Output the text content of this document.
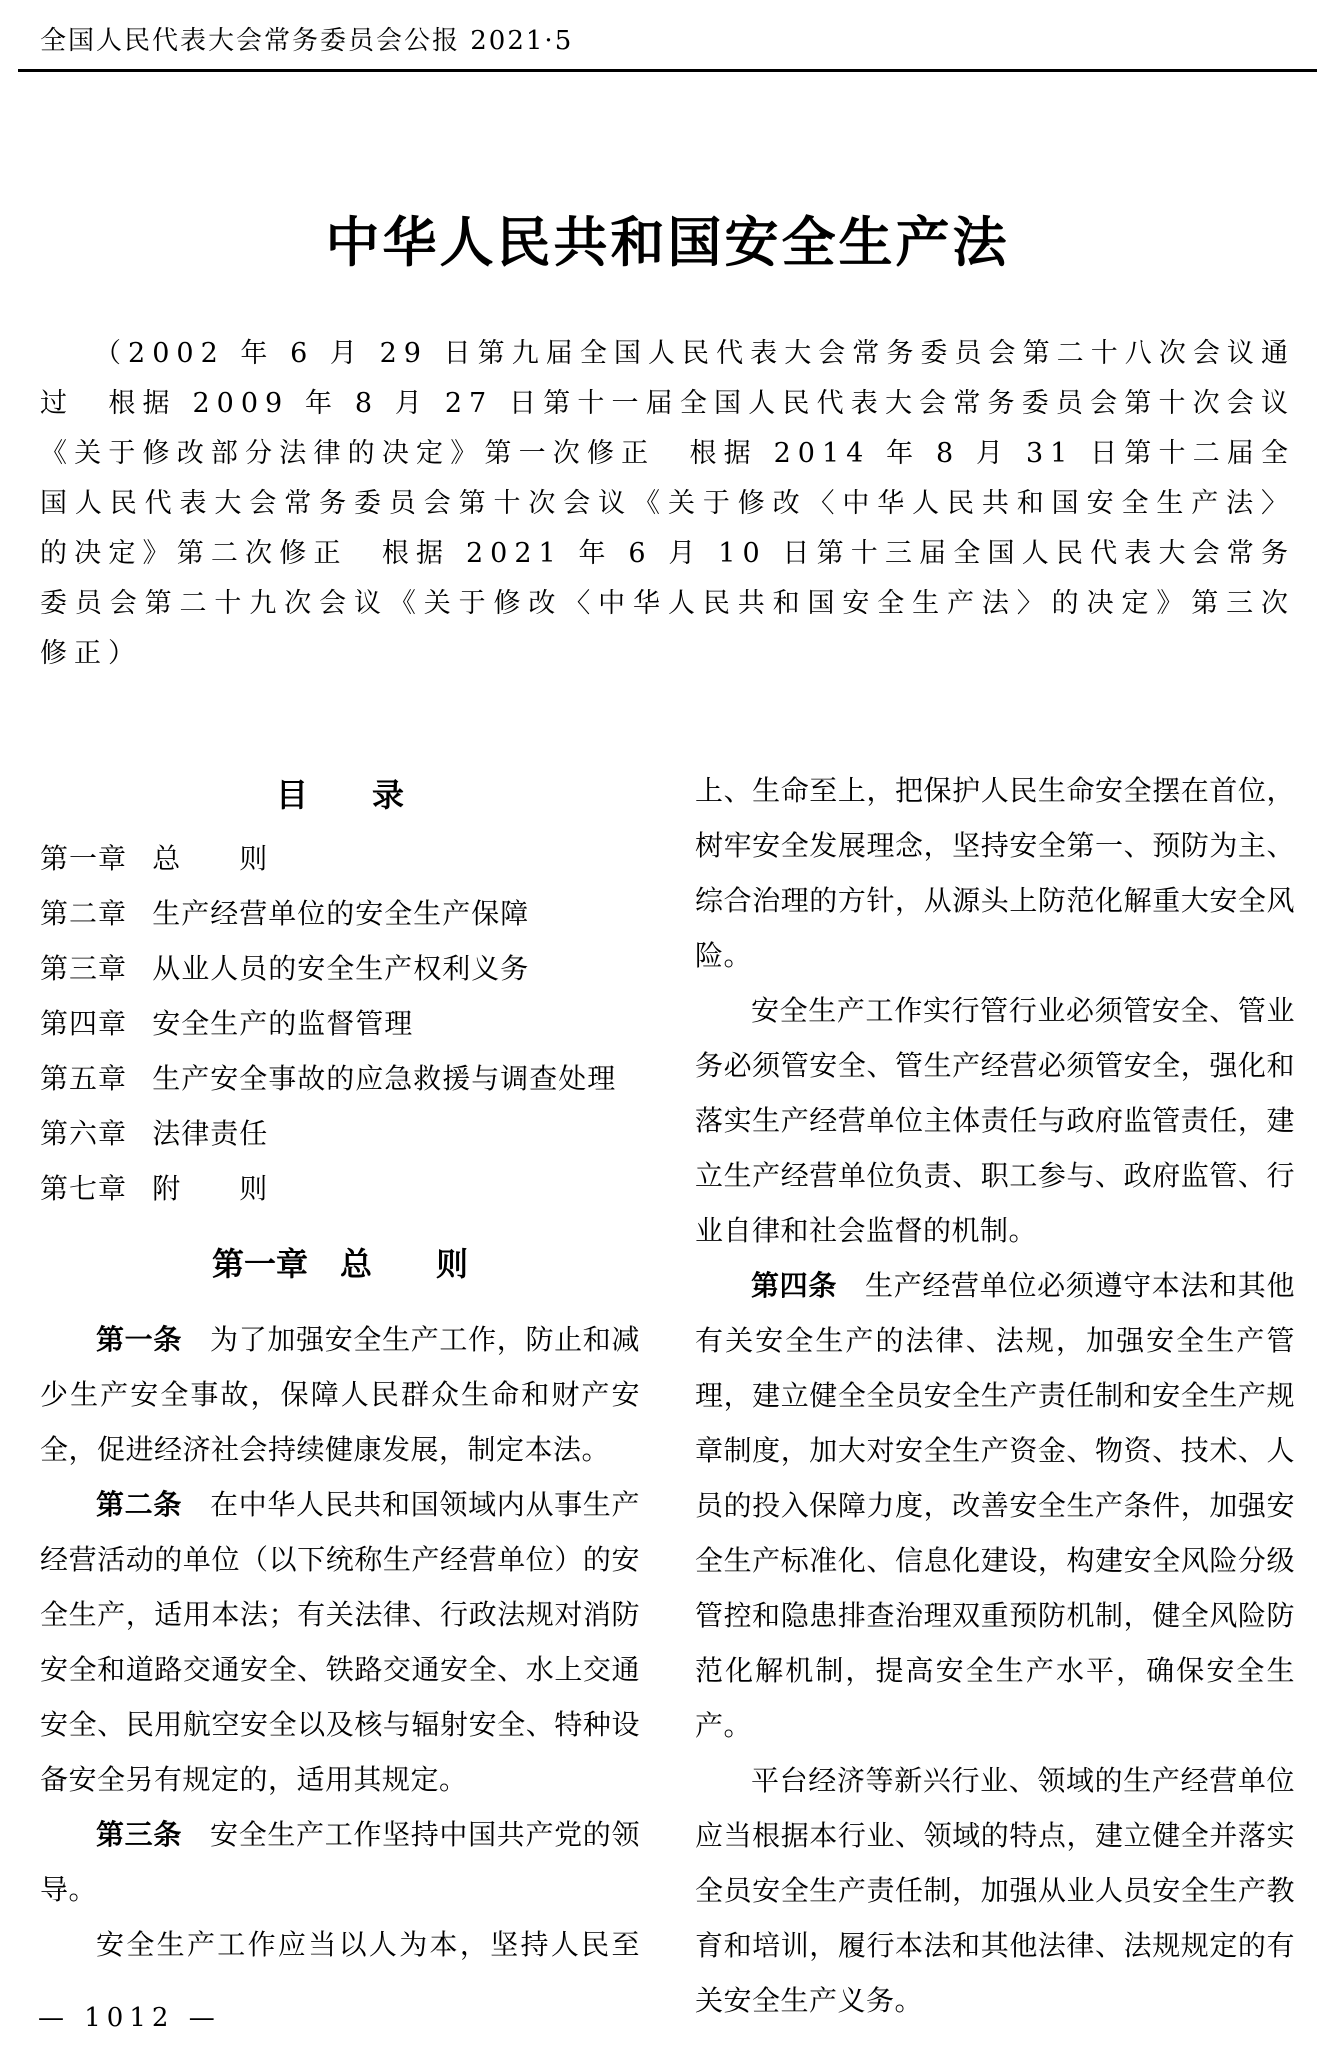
全国人民代表大会常务委员会公报 2021·5
中华人民共和国安全生产法

（2002 年 6 月 29 日第九届全国人民代表大会常务委员会第二十八次会议通过　根据 2009 年 8 月 27 日第十一届全国人民代表大会常务委员会第十次会议《关于修改部分法律的决定》第一次修正　根据 2014 年 8 月 31 日第十二届全国人民代表大会常务委员会第十次会议《关于修改〈中华人民共和国安全生产法〉的决定》第二次修正　根据 2021 年 6 月 10 日第十三届全国人民代表大会常务委员会第二十九次会议《关于修改〈中华人民共和国安全生产法〉的决定》第三次修正）

目　　录
第一章 总　　则
第二章 生产经营单位的安全生产保障
第三章 从业人员的安全生产权利义务
第四章 安全生产的监督管理
第五章 生产安全事故的应急救援与调查处理
第六章 法律责任
第七章 附　　则
第一章　总　　则

第一条 为了加强安全生产工作，防止和减少生产安全事故，保障人民群众生命和财产安全，促进经济社会持续健康发展，制定本法。

第二条 在中华人民共和国领域内从事生产经营活动的单位（以下统称生产经营单位）的安全生产，适用本法；有关法律、行政法规对消防安全和道路交通安全、铁路交通安全、水上交通安全、民用航空安全以及核与辐射安全、特种设备安全另有规定的，适用其规定。

第三条 安全生产工作坚持中国共产党的领导。

安全生产工作应当以人为本，坚持人民至

上、生命至上，把保护人民生命安全摆在首位，树牢安全发展理念，坚持安全第一、预防为主、综合治理的方针，从源头上防范化解重大安全风险。

安全生产工作实行管行业必须管安全、管业务必须管安全、管生产经营必须管安全，强化和落实生产经营单位主体责任与政府监管责任，建立生产经营单位负责、职工参与、政府监管、行业自律和社会监督的机制。

第四条 生产经营单位必须遵守本法和其他有关安全生产的法律、法规，加强安全生产管理，建立健全全员安全生产责任制和安全生产规章制度，加大对安全生产资金、物资、技术、人员的投入保障力度，改善安全生产条件，加强安全生产标准化、信息化建设，构建安全风险分级管控和隐患排查治理双重预防机制，健全风险防范化解机制，提高安全生产水平，确保安全生产。

平台经济等新兴行业、领域的生产经营单位应当根据本行业、领域的特点，建立健全并落实全员安全生产责任制，加强从业人员安全生产教育和培训，履行本法和其他法律、法规规定的有关安全生产义务。

— 1012 —
